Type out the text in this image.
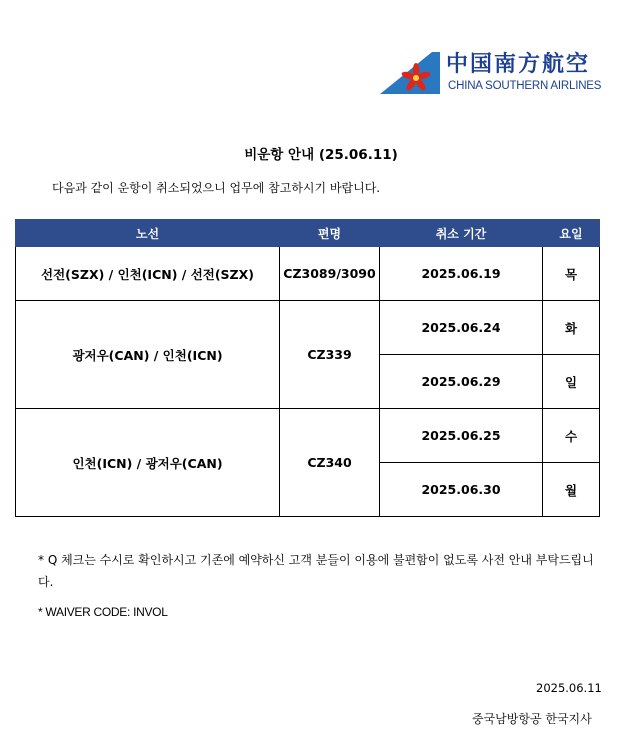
中国南方航空
CHINA SOUTHERN AIRLINES
비운항 안내 (25.06.11)
다음과 같이 운항이 취소되었으니 업무에 참고하시기 바랍니다.
노선	편명	취소 기간	요일
선전(SZX) / 인천(ICN) / 선전(SZX)	CZ3089/3090	2025.06.19	목
광저우(CAN) / 인천(ICN)	CZ339	2025.06.24	화
		2025.06.29	일
인천(ICN) / 광저우(CAN)	CZ340	2025.06.25	수
		2025.06.30	월

* Q 체크는 수시로 확인하시고 기존에 예약하신 고객 분들이 이용에 불편함이 없도록 사전 안내 부탁드립니다.

* WAIVER CODE: INVOL

2025.06.11
중국남방항공 한국지사
